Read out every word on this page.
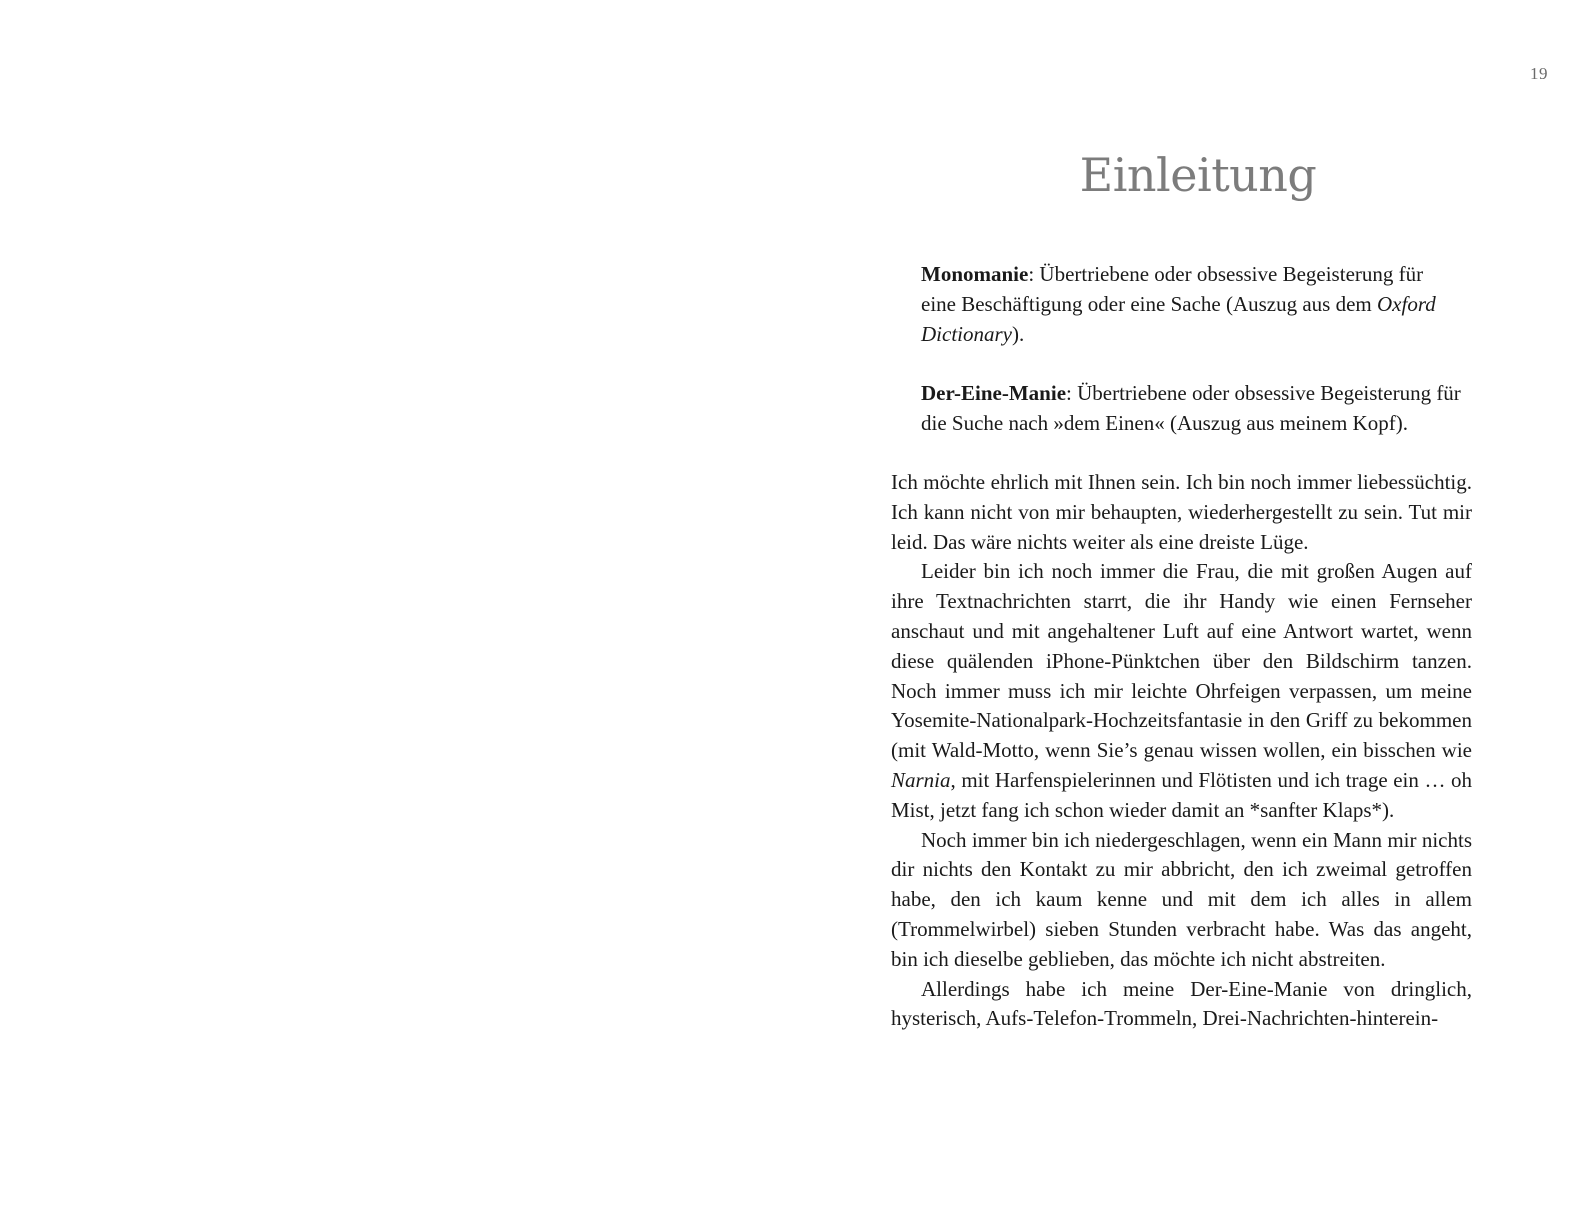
19
Einleitung

Monomanie: Übertriebene oder obsessive Begeisterung für eine Beschäftigung oder eine Sache (Auszug aus dem Oxford Dictionary).

Der-Eine-Manie: Übertriebene oder obsessive Begeisterung für die Suche nach »dem Einen« (Auszug aus meinem Kopf).

Ich möchte ehrlich mit Ihnen sein. Ich bin noch immer liebessüchtig. Ich kann nicht von mir behaupten, wiederhergestellt zu sein. Tut mir leid. Das wäre nichts weiter als eine dreiste Lüge.

Leider bin ich noch immer die Frau, die mit großen Augen auf ihre Textnachrichten starrt, die ihr Handy wie einen Fernseher anschaut und mit angehaltener Luft auf eine Antwort wartet, wenn diese quälenden iPhone-Pünktchen über den Bildschirm tanzen. Noch immer muss ich mir leichte Ohrfeigen verpassen, um meine Yosemite-Nationalpark-Hochzeitsfantasie in den Griff zu bekommen (mit Wald-Motto, wenn Sie’s genau wissen wollen, ein bisschen wie Narnia, mit Harfenspielerinnen und Flötisten und ich trage ein … oh Mist, jetzt fang ich schon wieder damit an *sanfter Klaps*).

Noch immer bin ich niedergeschlagen, wenn ein Mann mir nichts dir nichts den Kontakt zu mir abbricht, den ich zweimal getroffen habe, den ich kaum kenne und mit dem ich alles in allem (Trommelwirbel) sieben Stunden verbracht habe. Was das angeht, bin ich dieselbe geblieben, das möchte ich nicht abstreiten.

Allerdings habe ich meine Der-Eine-Manie von dringlich, hysterisch, Aufs-Telefon-Trommeln, Drei-Nachrichten-hinterein-
